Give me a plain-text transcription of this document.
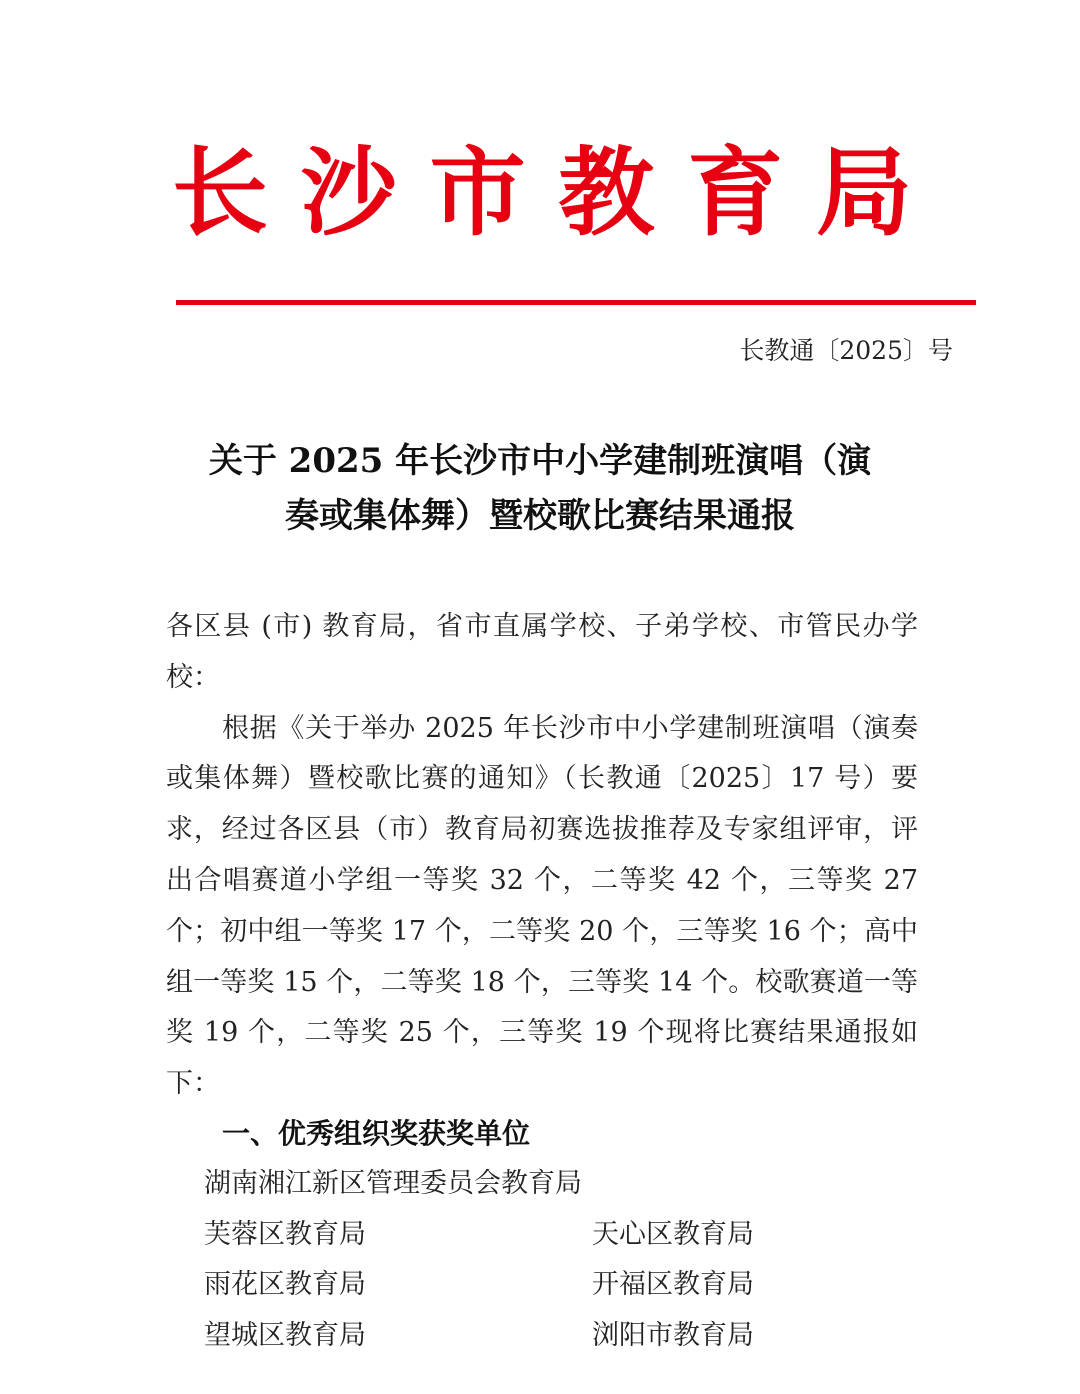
长 沙 市 教 育 局
长教通〔2025〕号
关于 2025 年长沙市中小学建制班演唱（演
奏或集体舞）暨校歌比赛结果通报

各区县 (市) 教育局，省市直属学校、子弟学校、市管民办学校：

根据《关于举办 2025 年长沙市中小学建制班演唱（演奏或集体舞）暨校歌比赛的通知》（长教通〔2025〕17 号）要求，经过各区县（市）教育局初赛选拔推荐及专家组评审，评出合唱赛道小学组一等奖 32 个，二等奖 42 个，三等奖 27 个；初中组一等奖 17 个，二等奖 20 个，三等奖 16 个；高中组一等奖 15 个，二等奖 18 个，三等奖 14 个。校歌赛道一等奖 19 个，二等奖 25 个，三等奖 19 个现将比赛结果通报如下：

一、优秀组织奖获奖单位
湖南湘江新区管理委员会教育局
芙蓉区教育局	天心区教育局
雨花区教育局	开福区教育局
望城区教育局	浏阳市教育局
